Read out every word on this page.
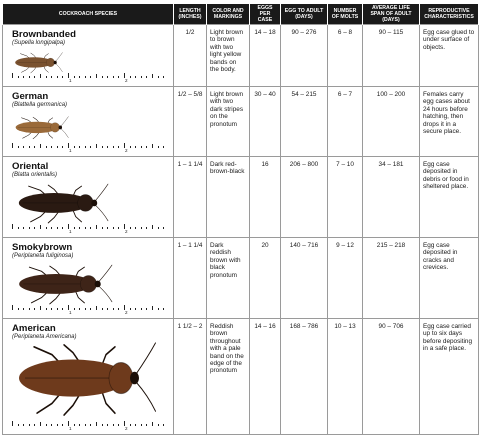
COCKROACH SPECIES	LENGTH (INCHES)	COLOR AND MARKINGS	EGGS PER CASE	EGG TO ADULT (DAYS)	NUMBER OF MOLTS	AVERAGE LIFE SPAN OF ADULT (DAYS)	REPRODUCTIVE CHARACTERISTICS

Brownbanded
(Supella longipalpa)
1 2	1/2	Light brown to brown with two light yellow bands on the body.	14 – 18	90 – 276	6 – 8	90 – 115	Egg case glued to under surface of objects.

German
(Blattella germanica)
1 2	1/2 – 5/8	Light brown with two dark stripes on the pronotum	30 – 40	54 – 215	6 – 7	100 – 200	Females carry egg cases about 24 hours before hatching, then drops it in a secure place.

Oriental
(Blatta orientalis)
1 2	1 – 1 1/4	Dark red-brown-black	16	206 – 800	7 – 10	34 – 181	Egg case deposited in debris or food in sheltered place.

Smokybrown
(Periplaneta fuliginosa)
1 2	1 – 1 1/4	Dark reddish brown with black pronotum	20	140 – 716	9 – 12	215 – 218	Egg case deposited in cracks and crevices.

American
(Periplaneta Americana)
1 2	1 1/2 – 2	Reddish brown throughout with a pale band on the edge of the pronotum	14 – 16	168 – 786	10 – 13	90 – 706	Egg case carried up to six days before depositing in a safe place.
